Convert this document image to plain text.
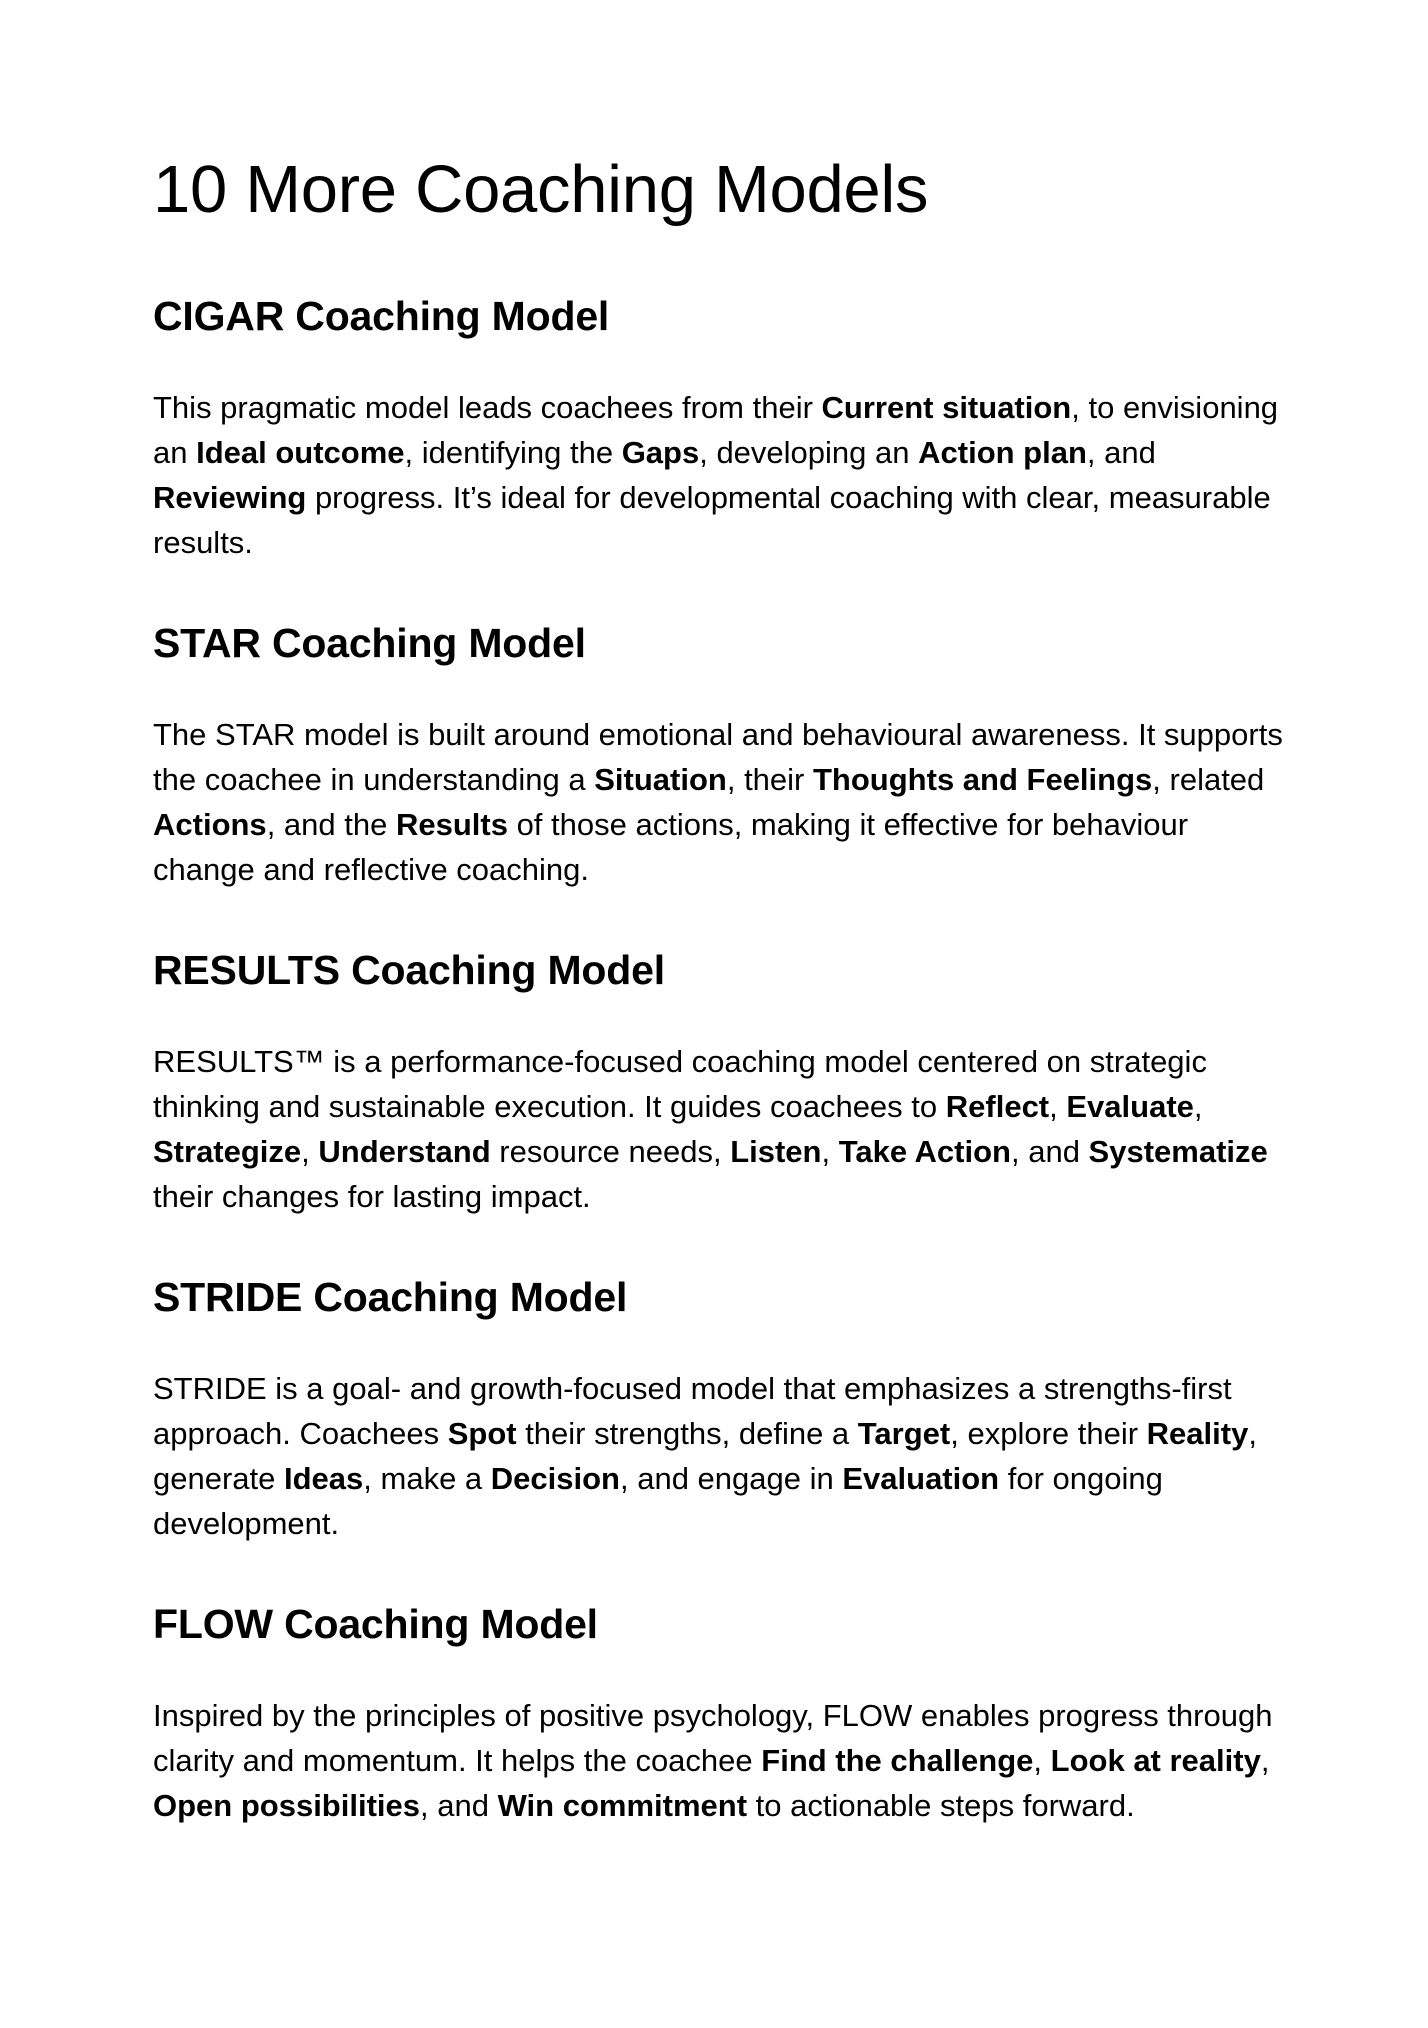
10 More Coaching Models
CIGAR Coaching Model

This pragmatic model leads coachees from their Current situation, to envisioning an Ideal outcome, identifying the Gaps, developing an Action plan, and Reviewing progress. It’s ideal for developmental coaching with clear, measurable results.

STAR Coaching Model

The STAR model is built around emotional and behavioural awareness. It supports the coachee in understanding a Situation, their Thoughts and Feelings, related Actions, and the Results of those actions, making it effective for behaviour change and reflective coaching.

RESULTS Coaching Model

RESULTS™ is a performance-focused coaching model centered on strategic thinking and sustainable execution. It guides coachees to Reflect, Evaluate, Strategize, Understand resource needs, Listen, Take Action, and Systematize their changes for lasting impact.

STRIDE Coaching Model

STRIDE is a goal- and growth-focused model that emphasizes a strengths-first approach. Coachees Spot their strengths, define a Target, explore their Reality, generate Ideas, make a Decision, and engage in Evaluation for ongoing development.

FLOW Coaching Model

Inspired by the principles of positive psychology, FLOW enables progress through clarity and momentum. It helps the coachee Find the challenge, Look at reality, Open possibilities, and Win commitment to actionable steps forward.
